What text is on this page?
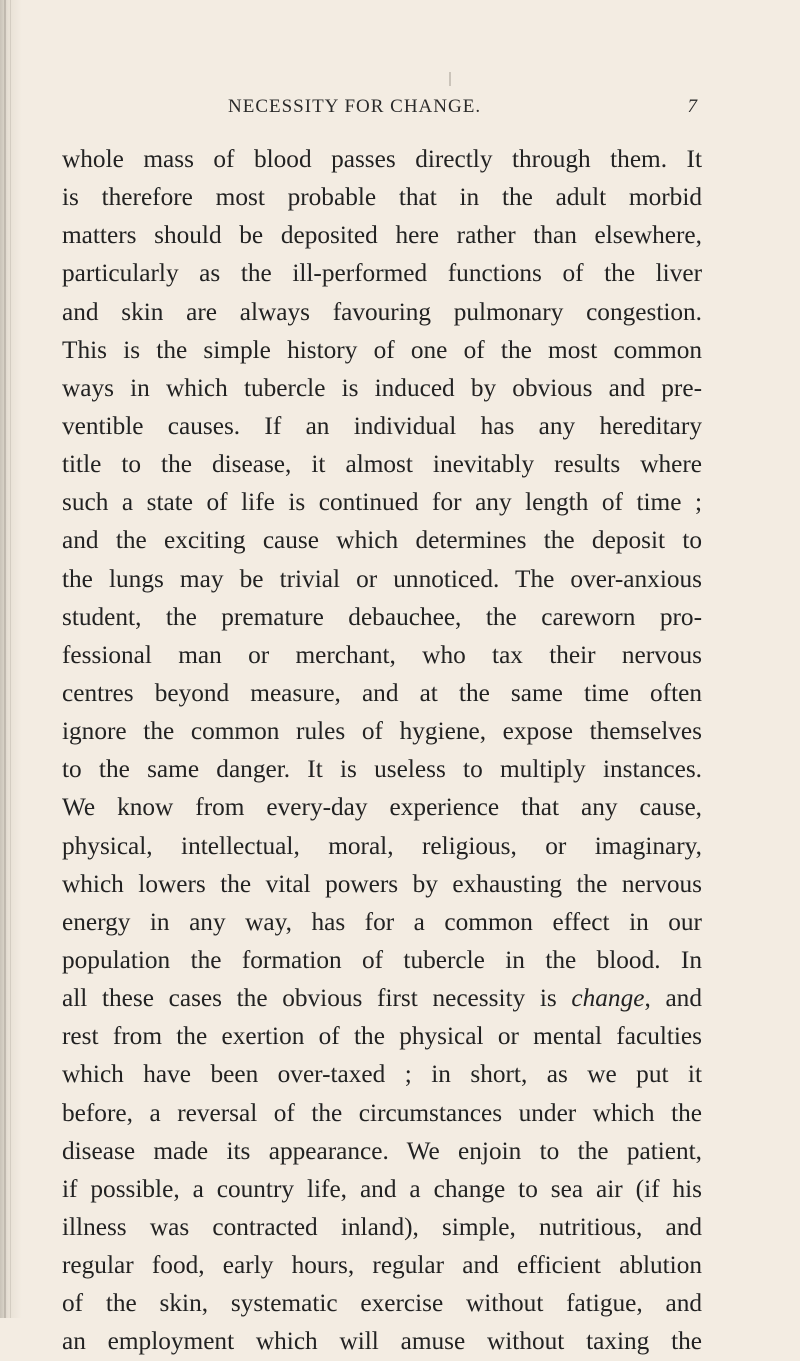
NECESSITY FOR CHANGE.	7
whole mass of blood passes directly through them. It
is therefore most probable that in the adult morbid
matters should be deposited here rather than elsewhere,
particularly as the ill-performed functions of the liver
and skin are always favouring pulmonary congestion.
This is the simple history of one of the most common
ways in which tubercle is induced by obvious and pre-
ventible causes. If an individual has any hereditary
title to the disease, it almost inevitably results where
such a state of life is continued for any length of time ;
and the exciting cause which determines the deposit to
the lungs may be trivial or unnoticed. The over-anxious
student, the premature debauchee, the careworn pro-
fessional man or merchant, who tax their nervous
centres beyond measure, and at the same time often
ignore the common rules of hygiene, expose themselves
to the same danger. It is useless to multiply instances.
We know from every-day experience that any cause,
physical, intellectual, moral, religious, or imaginary,
which lowers the vital powers by exhausting the nervous
energy in any way, has for a common effect in our
population the formation of tubercle in the blood. In
all these cases the obvious first necessity is change, and
rest from the exertion of the physical or mental faculties
which have been over-taxed ; in short, as we put it
before, a reversal of the circumstances under which the
disease made its appearance. We enjoin to the patient,
if possible, a country life, and a change to sea air (if his
illness was contracted inland), simple, nutritious, and
regular food, early hours, regular and efficient ablution
of the skin, systematic exercise without fatigue, and
an employment which will amuse without taxing the
